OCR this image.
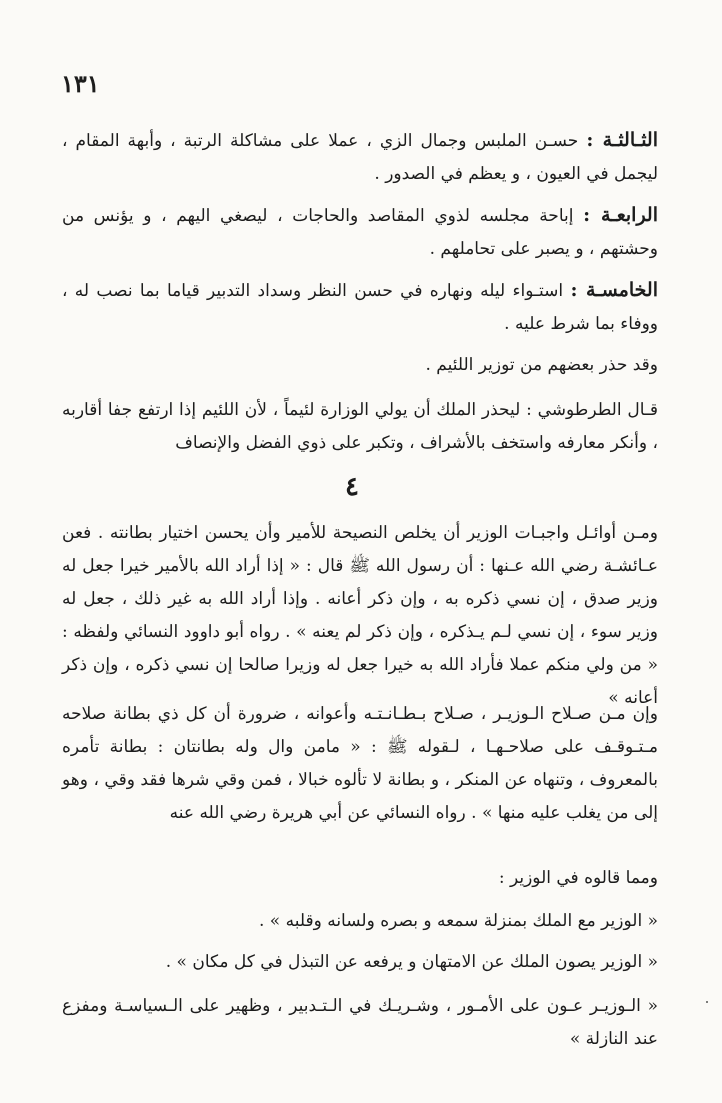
١٣١
الثـالثـة : حسـن الملبس وجمال الزي ، عملا على مشاكلة الرتبة ، وأبهة المقام ، ليجمل في العيون ، و يعظم في الصدور .
الرابعـة : إباحة مجلسه لذوي المقاصد والحاجات ، ليصغي اليهم ، و يؤنس من وحشتهم ، و يصبر على تحاملهم .
الخامسـة : استـواء ليله ونهاره في حسن النظر وسداد التدبير قياما بما نصب له ، ووفاء بما شرط عليه .
وقد حذر بعضهم من توزير اللئيم .
قـال الطرطوشي : ليحذر الملك أن يولي الوزارة لئيماً ، لأن اللئيم إذا ارتفع جفا أقاربه ، وأنكر معارفه واستخف بالأشراف ، وتكبر على ذوي الفضل والإنصاف
٤
ومـن أوائـل واجبـات الوزير أن يخلص النصيحة للأمير وأن يحسن اختيار بطانته . فعن عـائشـة رضي الله عـنها : أن رسول الله ﷺ قال : « إذا أراد الله بالأمير خيرا جعل له وزير صدق ، إن نسي ذكره به ، وإن ذكر أعانه . وإذا أراد الله به غير ذلك ، جعل له وزير سوء ، إن نسي لـم يـذكره ، وإن ذكر لم يعنه » . رواه أبو داوود النسائي ولفظه : « من ولي منكم عملا فأراد الله به خيرا جعل له وزيرا صالحا إن نسي ذكره ، وإن ذكر أعانه »
وإن مـن صـلاح الـوزيـر ، صـلاح بـطـانـتـه وأعوانه ، ضرورة أن كل ذي بطانة صلاحه مـتـوقـف على صلاحـهـا ، لـقوله ﷺ : « مامن وال وله بطانتان : بطانة تأمره بالمعروف ، وتنهاه عن المنكر ، و بطانة لا تألوه خبالا ، فمن وقي شرها فقد وقي ، وهو إلى من يغلب عليه منها » . رواه النسائي عن أبي هريرة رضي الله عنه
ومما قالوه في الوزير :
« الوزير مع الملك بمنزلة سمعه و بصره ولسانه وقلبه » .
« الوزير يصون الملك عن الامتهان و يرفعه عن التبذل في كل مكان » .
« الـوزيـر عـون على الأمـور ، وشـريـك في الـتـدبير ، وظهير على الـسياسـة ومفزع عند النازلة »
